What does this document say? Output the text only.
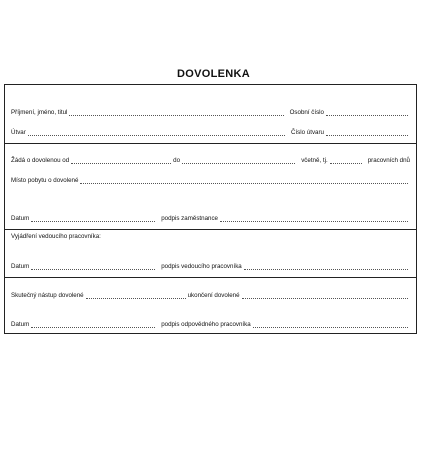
DOVOLENKA
Příjmení, jméno, titul	Osobní číslo
Útvar	Číslo útvaru
Žádá o dovolenou od	do	včetně, tj.	pracovních dnů
Místo pobytu o dovolené
Datum	podpis zaměstnance
Vyjádření vedoucího pracovníka:
Datum	podpis vedoucího pracovníka
Skutečný nástup dovolené	ukončení dovolené
Datum	podpis odpovědného pracovníka
